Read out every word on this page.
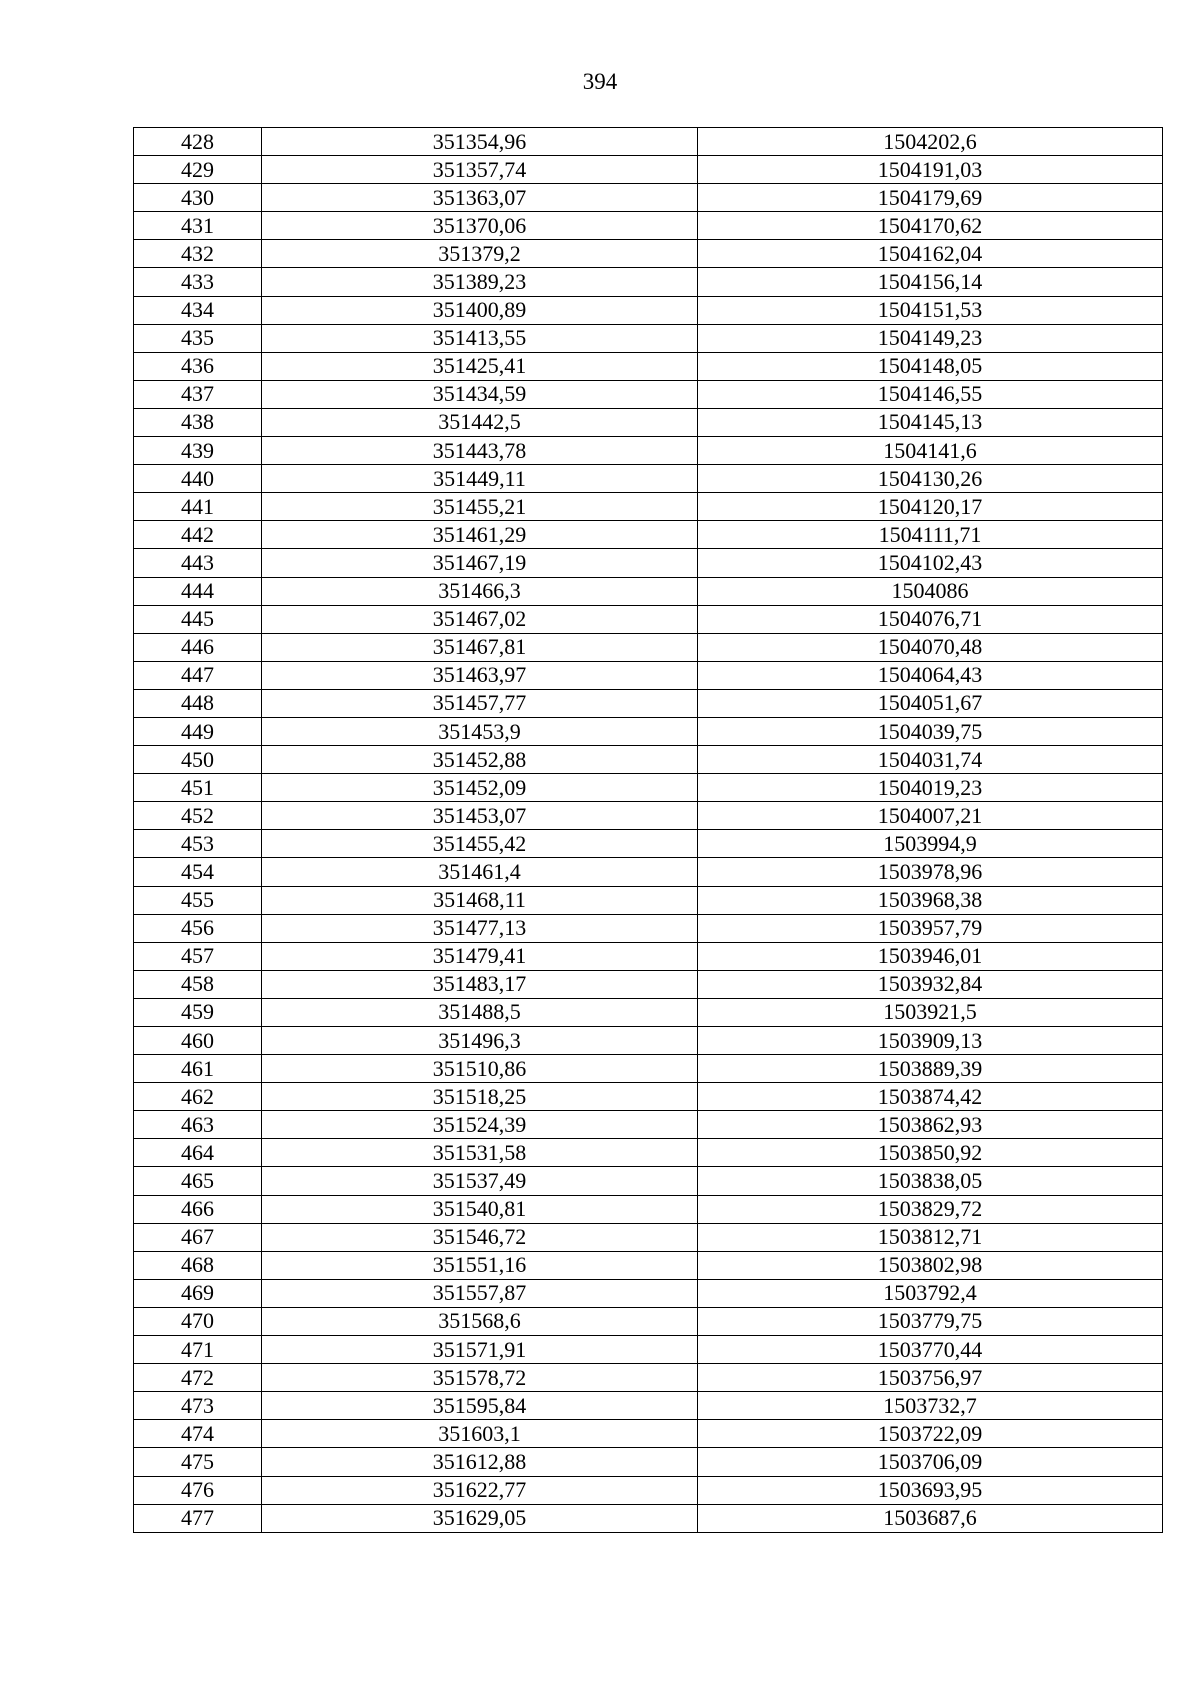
394
428	351354,96	1504202,6
429	351357,74	1504191,03
430	351363,07	1504179,69
431	351370,06	1504170,62
432	351379,2	1504162,04
433	351389,23	1504156,14
434	351400,89	1504151,53
435	351413,55	1504149,23
436	351425,41	1504148,05
437	351434,59	1504146,55
438	351442,5	1504145,13
439	351443,78	1504141,6
440	351449,11	1504130,26
441	351455,21	1504120,17
442	351461,29	1504111,71
443	351467,19	1504102,43
444	351466,3	1504086
445	351467,02	1504076,71
446	351467,81	1504070,48
447	351463,97	1504064,43
448	351457,77	1504051,67
449	351453,9	1504039,75
450	351452,88	1504031,74
451	351452,09	1504019,23
452	351453,07	1504007,21
453	351455,42	1503994,9
454	351461,4	1503978,96
455	351468,11	1503968,38
456	351477,13	1503957,79
457	351479,41	1503946,01
458	351483,17	1503932,84
459	351488,5	1503921,5
460	351496,3	1503909,13
461	351510,86	1503889,39
462	351518,25	1503874,42
463	351524,39	1503862,93
464	351531,58	1503850,92
465	351537,49	1503838,05
466	351540,81	1503829,72
467	351546,72	1503812,71
468	351551,16	1503802,98
469	351557,87	1503792,4
470	351568,6	1503779,75
471	351571,91	1503770,44
472	351578,72	1503756,97
473	351595,84	1503732,7
474	351603,1	1503722,09
475	351612,88	1503706,09
476	351622,77	1503693,95
477	351629,05	1503687,6
